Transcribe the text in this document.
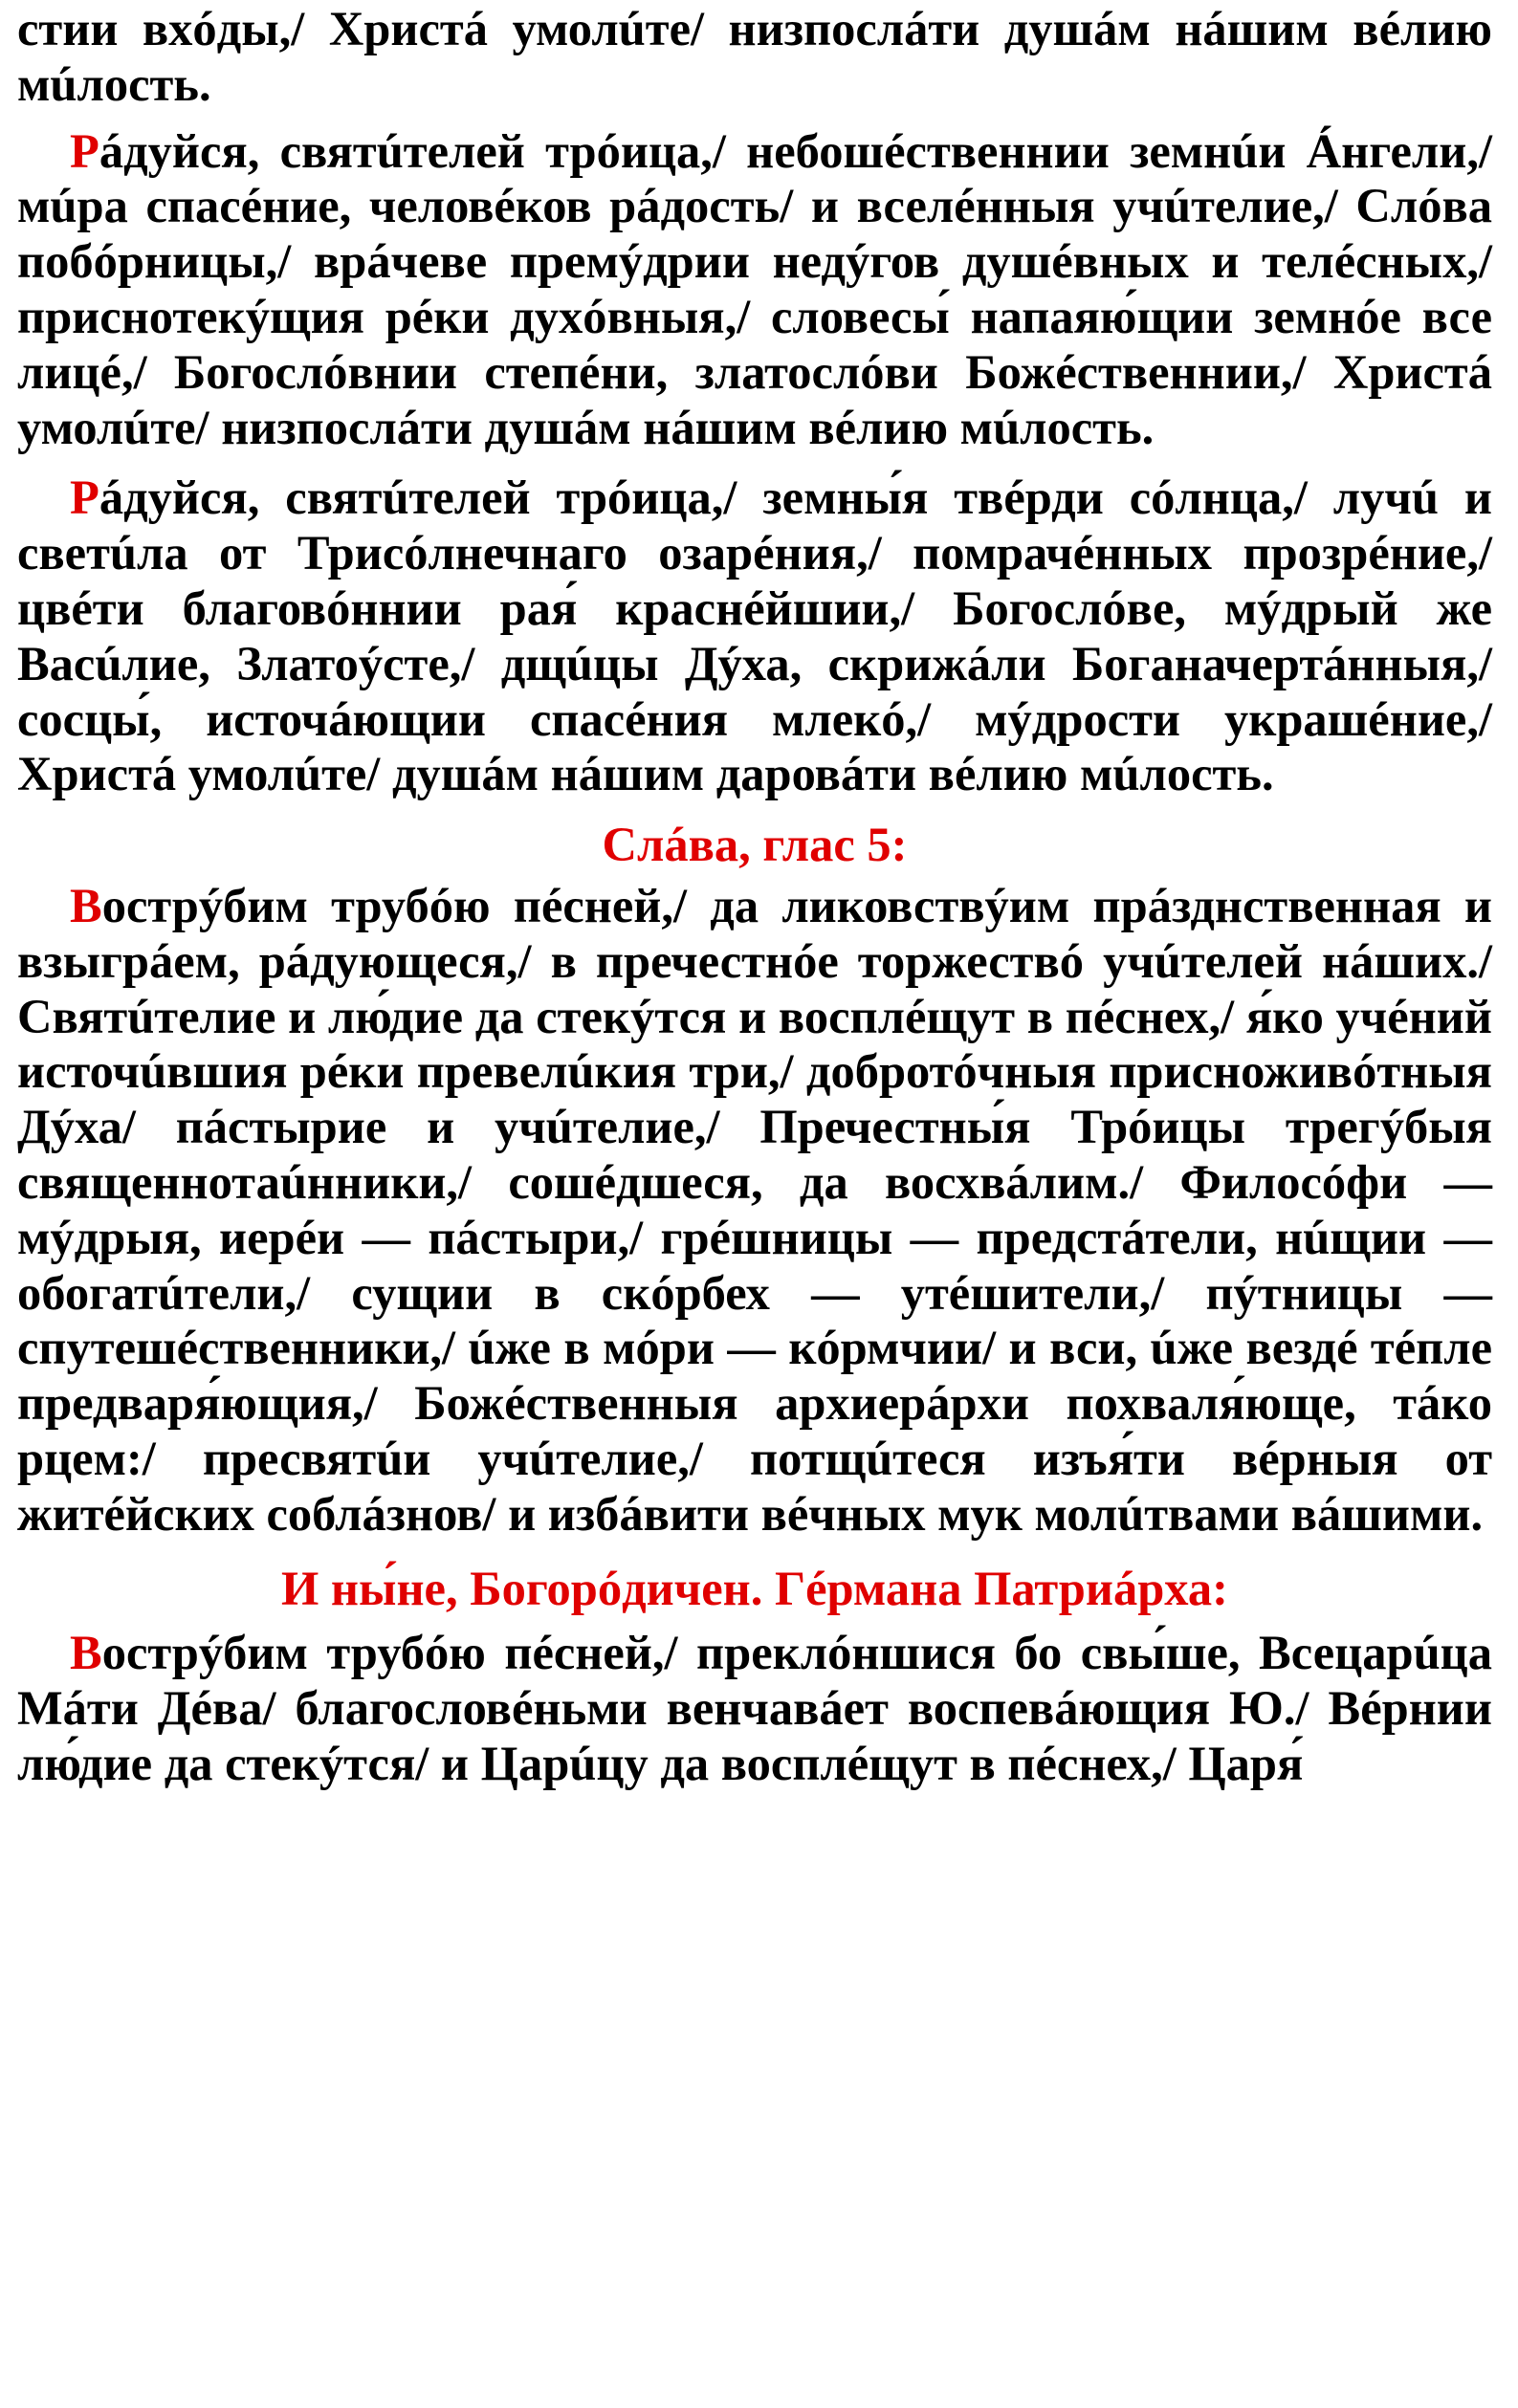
стии вхóды,/ Христá умолúте/ низпослáти душáм нáшим вéлию мúлость.

Рáдуйся, святúтелей трóица,/ небошéственнии земнúи Áнгели,/ мúра спасéние, человéков рáдость/ и вселéнныя учúтелие,/ Слóва побóрницы,/ врáчеве премýдрии недýгов душéвных и телéсных,/ приснотекýщия рéки духóвныя,/ словесы́ напаяю́щии земнóе все лицé,/ Богослóвнии степéни, златослóви Божéственнии,/ Христá умолúте/ низпослáти душáм нáшим вéлию мúлость.

Рáдуйся, святúтелей трóица,/ земны́я твéрди сóлнца,/ лучú и светúла от Трисóлнечнаго озарéния,/ помрачéнных прозрéние,/ цвéти благовóннии рая́ краснéйшии,/ Богослóве, мýдрый же Васúлие, Златоýсте,/ дщúцы Дýха, скрижáли Боганачертáнныя,/ сосцы́, источáющии спасéния млекó,/ мýдрости украшéние,/ Христá умолúте/ душáм нáшим даровáти вéлию мúлость.

Слáва, глас 5:

Вострýбим трубóю пéсней,/ да ликовствýим прáзднственная и взыгрáем, рáдующеся,/ в пречестнóе торжествó учúтелей нáших./ Святúтелие и лю́дие да стекýтся и восплéщут в пéснех,/ я́ко учéний источúвшия рéки превелúкия три,/ добротóчныя присноживóтныя Дýха/ пáстырие и учúтелие,/ Пречестны́я Трóицы трегýбыя священнотаúнники,/ сошéдшеся, да восхвáлим./ Филосóфи — мýдрыя, иерéи — пáстыри,/ грéшницы — предстáтели, нúщии — обогатúтели,/ сущии в скóрбех — утéшители,/ пýтницы — спутешéственники,/ úже в мóри — кóрмчии/ и вси, úже вездé тéпле предваря́ющия,/ Божéственныя архиерáрхи похваля́юще, тáко рцем:/ пресвятúи учúтелие,/ потщúтеся изъя́ти вéрныя от житéйских соблáзнов/ и избáвити вéчных мук молúтвами вáшими.

И ны́не, Богорóдичен. Гéрмана Патриáрха:

Вострýбим трубóю пéсней,/ преклóншися бо свы́ше, Всецарúца Мáти Дéва/ благословéньми венчавáет воспевáющия Ю./ Вéрнии лю́дие да стекýтся/ и Царúцу да восплéщут в пéснех,/ Царя́
